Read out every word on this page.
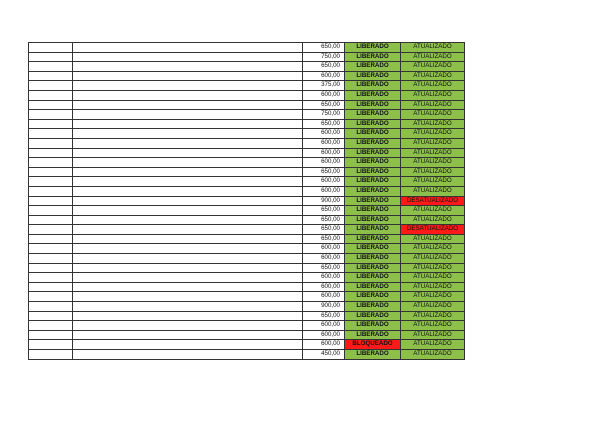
		650,00	LIBERADO	ATUALIZADO
		750,00	LIBERADO	ATUALIZADO
		650,00	LIBERADO	ATUALIZADO
		600,00	LIBERADO	ATUALIZADO
		375,00	LIBERADO	ATUALIZADO
		600,00	LIBERADO	ATUALIZADO
		650,00	LIBERADO	ATUALIZADO
		750,00	LIBERADO	ATUALIZADO
		650,00	LIBERADO	ATUALIZADO
		600,00	LIBERADO	ATUALIZADO
		600,00	LIBERADO	ATUALIZADO
		600,00	LIBERADO	ATUALIZADO
		600,00	LIBERADO	ATUALIZADO
		650,00	LIBERADO	ATUALIZADO
		600,00	LIBERADO	ATUALIZADO
		600,00	LIBERADO	ATUALIZADO
		900,00	LIBERADO	DESATUALIZADO
		650,00	LIBERADO	ATUALIZADO
		650,00	LIBERADO	ATUALIZADO
		650,00	LIBERADO	DESATUALIZADO
		650,00	LIBERADO	ATUALIZADO
		600,00	LIBERADO	ATUALIZADO
		600,00	LIBERADO	ATUALIZADO
		650,00	LIBERADO	ATUALIZADO
		600,00	LIBERADO	ATUALIZADO
		600,00	LIBERADO	ATUALIZADO
		600,00	LIBERADO	ATUALIZADO
		900,00	LIBERADO	ATUALIZADO
		650,00	LIBERADO	ATUALIZADO
		600,00	LIBERADO	ATUALIZADO
		600,00	LIBERADO	ATUALIZADO
		600,00	BLOQUEADO	ATUALIZADO
		450,00	LIBERADO	ATUALIZADO
